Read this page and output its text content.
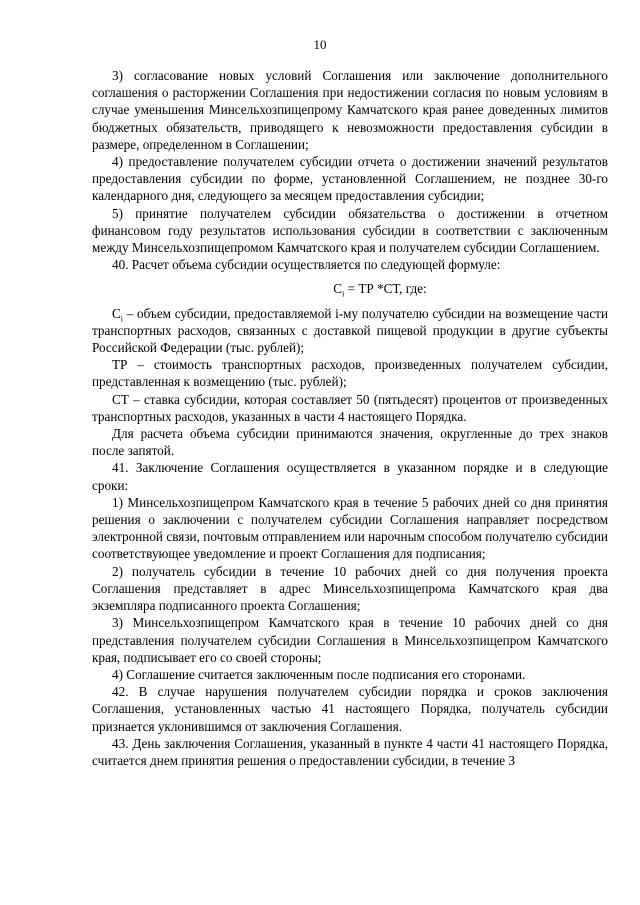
10

3) согласование новых условий Соглашения или заключение дополнительного соглашения о расторжении Соглашения при недостижении согласия по новым условиям в случае уменьшения Минсельхозпищепрому Камчатского края ранее доведенных лимитов бюджетных обязательств, приводящего к невозможности предоставления субсидии в размере, определенном в Соглашении;

4) предоставление получателем субсидии отчета о достижении значений результатов предоставления субсидии по форме, установленной Соглашением, не позднее 30-го календарного дня, следующего за месяцем предоставления субсидии;

5) принятие получателем субсидии обязательства о достижении в отчетном финансовом году результатов использования субсидии в соответствии с заключенным между Минсельхозпищепромом Камчатского края и получателем субсидии Соглашением.

40. Расчет объема субсидии осуществляется по следующей формуле:

$С_i$ = ТР *СТ, где:

$С_i$ – объем субсидии, предоставляемой i-му получателю субсидии на возмещение части транспортных расходов, связанных с доставкой пищевой продукции в другие субъекты Российской Федерации (тыс. рублей);

ТР – стоимость транспортных расходов, произведенных получателем субсидии, представленная к возмещению (тыс. рублей);

СТ – ставка субсидии, которая составляет 50 (пятьдесят) процентов от произведенных транспортных расходов, указанных в части 4 настоящего Порядка.

Для расчета объема субсидии принимаются значения, округленные до трех знаков после запятой.

41. Заключение Соглашения осуществляется в указанном порядке и в следующие сроки:

1) Минсельхозпищепром Камчатского края в течение 5 рабочих дней со дня принятия решения о заключении с получателем субсидии Соглашения направляет посредством электронной связи, почтовым отправлением или нарочным способом получателю субсидии соответствующее уведомление и проект Соглашения для подписания;

2) получатель субсидии в течение 10 рабочих дней со дня получения проекта Соглашения представляет в адрес Минсельхозпищепрома Камчатского края два экземпляра подписанного проекта Соглашения;

3) Минсельхозпищепром Камчатского края в течение 10 рабочих дней со дня представления получателем субсидии Соглашения в Минсельхозпищепром Камчатского края, подписывает его со своей стороны;

4) Соглашение считается заключенным после подписания его сторонами.

42. В случае нарушения получателем субсидии порядка и сроков заключения Соглашения, установленных частью 41 настоящего Порядка, получатель субсидии признается уклонившимся от заключения Соглашения.

43. День заключения Соглашения, указанный в пункте 4 части 41 настоящего Порядка, считается днем принятия решения о предоставлении субсидии, в течение 3
